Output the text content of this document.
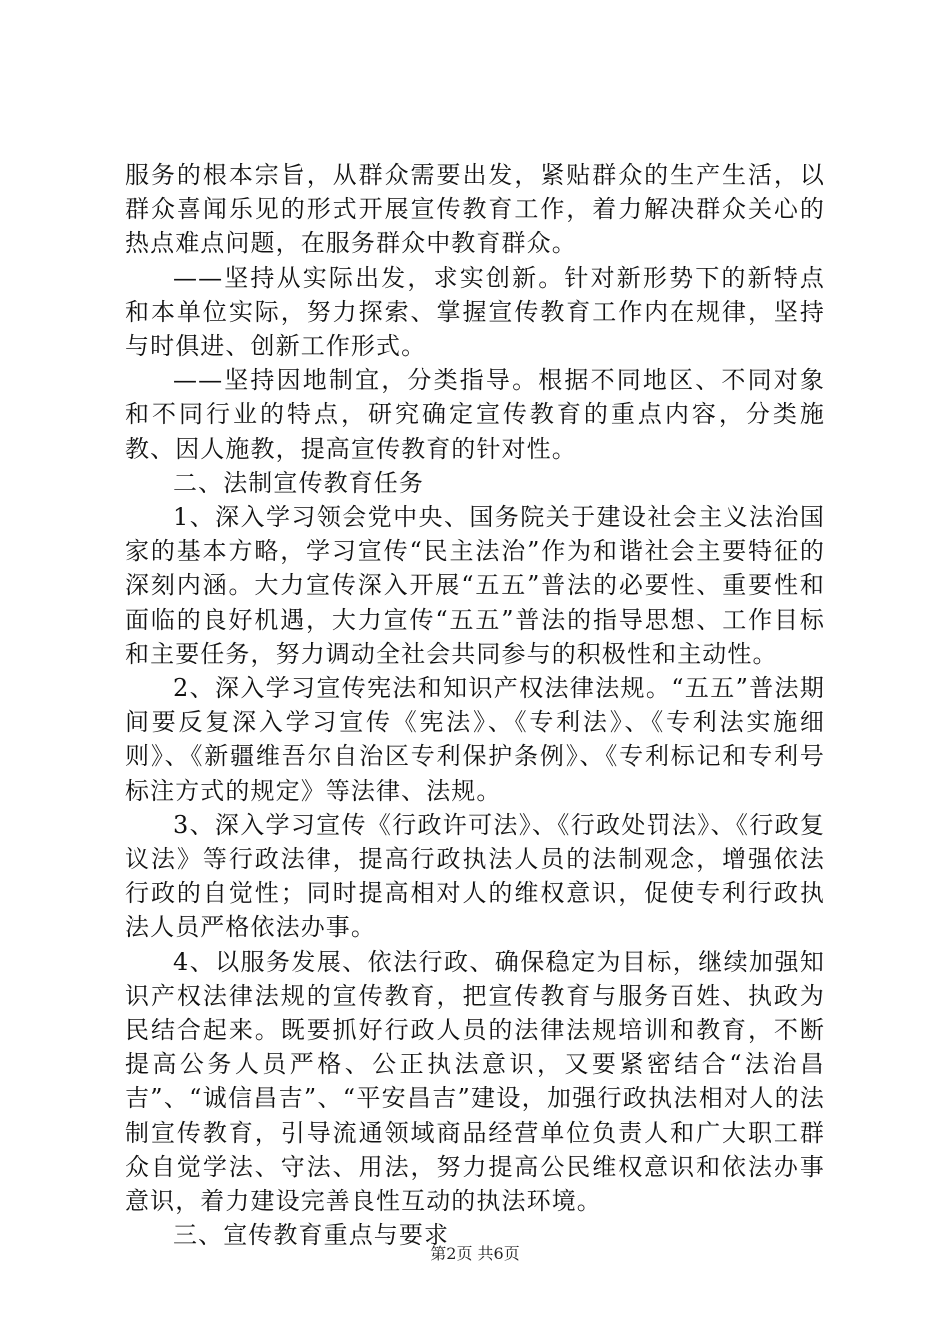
服务的根本宗旨，从群众需要出发，紧贴群众的生产生活，以群众喜闻乐见的形式开展宣传教育工作，着力解决群众关心的热点难点问题，在服务群众中教育群众。

——坚持从实际出发，求实创新。针对新形势下的新特点和本单位实际，努力探索、掌握宣传教育工作内在规律，坚持与时俱进、创新工作形式。

——坚持因地制宜，分类指导。根据不同地区、不同对象和不同行业的特点，研究确定宣传教育的重点内容，分类施教、因人施教，提高宣传教育的针对性。

二、法制宣传教育任务

1、深入学习领会党中央、国务院关于建设社会主义法治国家的基本方略，学习宣传“民主法治”作为和谐社会主要特征的深刻内涵。大力宣传深入开展“五五”普法的必要性、重要性和面临的良好机遇，大力宣传“五五”普法的指导思想、工作目标和主要任务，努力调动全社会共同参与的积极性和主动性。

2、深入学习宣传宪法和知识产权法律法规。“五五”普法期间要反复深入学习宣传《宪法》、《专利法》、《专利法实施细则》、《新疆维吾尔自治区专利保护条例》、《专利标记和专利号标注方式的规定》等法律、法规。

3、深入学习宣传《行政许可法》、《行政处罚法》、《行政复议法》等行政法律，提高行政执法人员的法制观念，增强依法行政的自觉性；同时提高相对人的维权意识，促使专利行政执法人员严格依法办事。

4、以服务发展、依法行政、确保稳定为目标，继续加强知识产权法律法规的宣传教育，把宣传教育与服务百姓、执政为民结合起来。既要抓好行政人员的法律法规培训和教育，不断提高公务人员严格、公正执法意识，又要紧密结合“法治昌吉”、“诚信昌吉”、“平安昌吉”建设，加强行政执法相对人的法制宣传教育，引导流通领域商品经营单位负责人和广大职工群众自觉学法、守法、用法，努力提高公民维权意识和依法办事意识，着力建设完善良性互动的执法环境。

三、宣传教育重点与要求

第2页 共6页
